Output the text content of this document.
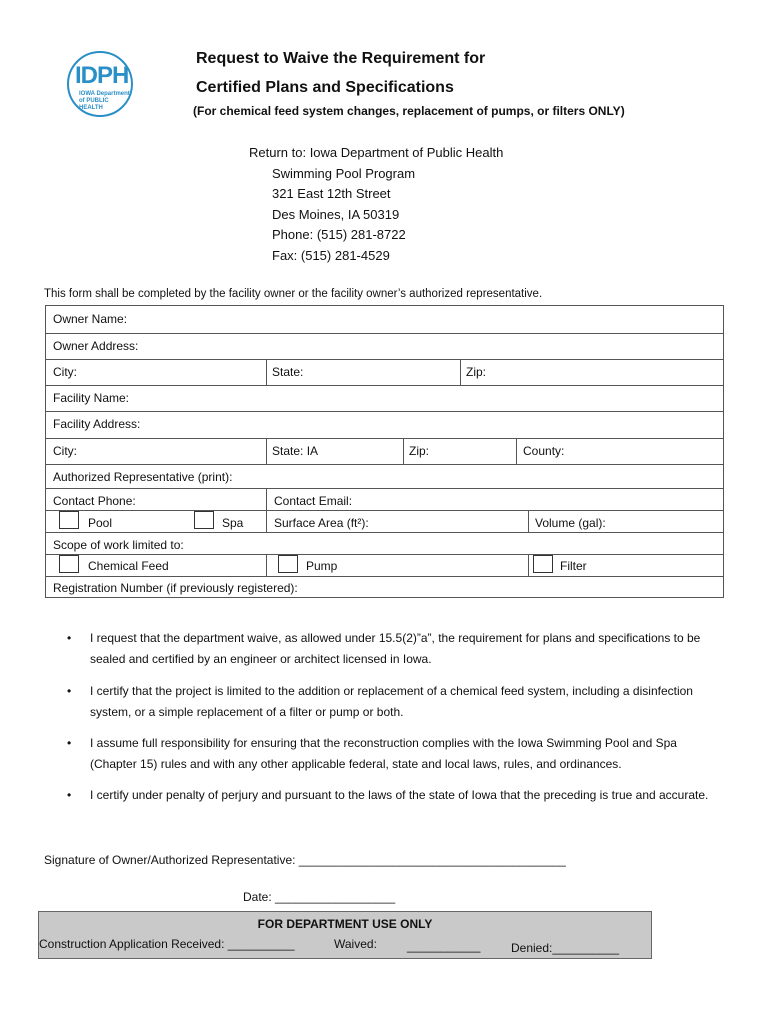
IDPH
IOWA Department
of PUBLIC HEALTH
Request to Waive the Requirement for
Certified Plans and Specifications
(For chemical feed system changes, replacement of pumps, or filters ONLY)
Return to: Iowa Department of Public Health
Swimming Pool Program
321 East 12th Street
Des Moines, IA 50319
Phone: (515) 281-8722
Fax: (515) 281-4529
This form shall be completed by the facility owner or the facility owner’s authorized representative.
Owner Name:
Owner Address:
City:	State:	Zip:
Facility Name:
Facility Address:
City:	State: IA	Zip:	County:
Authorized Representative (print):
Contact Phone:	Contact Email:
Pool	Spa	Surface Area (ft²):	Volume (gal):
Scope of work limited to:
Chemical Feed	Pump	Filter
Registration Number (if previously registered):
• I request that the department waive, as allowed under 15.5(2)”a”, the requirement for plans and specifications to be sealed and certified by an engineer or architect licensed in Iowa.
• I certify that the project is limited to the addition or replacement of a chemical feed system, including a disinfection system, or a simple replacement of a filter or pump or both.
• I assume full responsibility for ensuring that the reconstruction complies with the Iowa Swimming Pool and Spa (Chapter 15) rules and with any other applicable federal, state and local laws, rules, and ordinances.
• I certify under penalty of perjury and pursuant to the laws of the state of Iowa that the preceding is true and accurate.
Signature of Owner/Authorized Representative: ________________________________________
Date: __________________
FOR DEPARTMENT USE ONLY
Construction Application Received: __________	Waived:	___________	Denied:__________
